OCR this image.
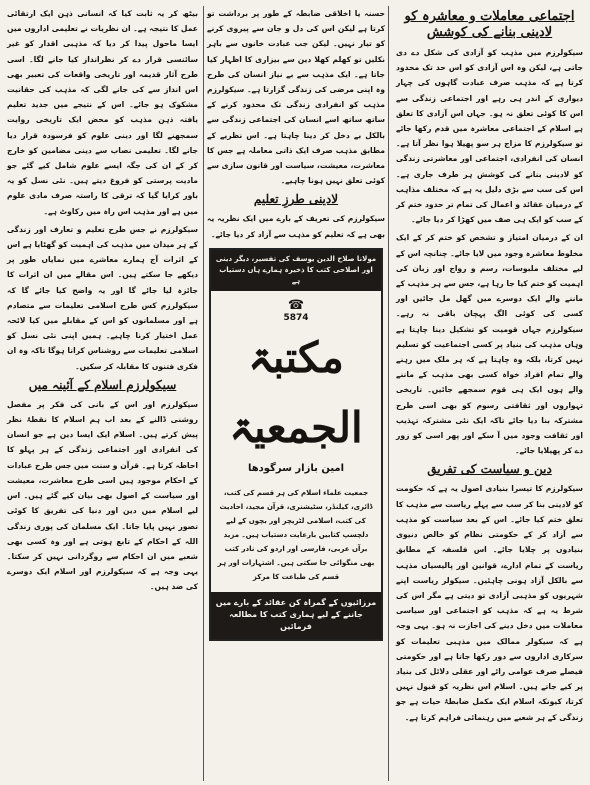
اجتماعی معاملات و معاشرہ کو لادینی بنانے کی کوشش

سیکولرزم میں مذہب کو آزادی کی شکل دے دی جاتی ہے، لیکن وہ اس آزادی کو اس حد تک محدود کرتا ہے کہ مذہب صرف عبادت گاہوں کی چہار دیواری کے اندر ہی رہے اور اجتماعی زندگی سے اس کا کوئی تعلق نہ ہو۔ جہاں اس آزادی کا تعلق ہے اسلام کے اجتماعی معاشرہ میں قدم رکھا جائے تو سیکولرزم کا مزاج ہر سو پھیلا ہوا نظر آتا ہے۔ انسان کی انفرادی، اجتماعی اور معاشرتی زندگی کو لادینی بنانے کی کوشش ہر طرف جاری ہے۔ اس کی سب سے بڑی دلیل یہ ہے کہ مختلف مذاہب کے درمیان عقائد و اعمال کی تمام تر حدود ختم کر کے سب کو ایک ہی صف میں کھڑا کر دیا جائے۔

ان کے درمیان امتیاز و تشخص کو ختم کر کے ایک مخلوط معاشرہ وجود میں لایا جائے۔ چنانچہ اس کے لیے مختلف ملبوسات، رسم و رواج اور زبان کی اہمیت کو ختم کیا جا رہا ہے، جس سے ہر مذہب کے ماننے والے ایک دوسرے میں گھل مل جائیں اور کسی کی کوئی الگ پہچان باقی نہ رہے۔ سیکولرزم جہاں قومیت کو تشکیل دینا چاہتا ہے وہاں مذہب کی بنیاد پر کسی اجتماعیت کو تسلیم نہیں کرتا، بلکہ وہ چاہتا ہے کہ ہر ملک میں رہنے والے تمام افراد خواہ کسی بھی مذہب کے ماننے والے ہوں ایک ہی قوم سمجھے جائیں۔ تاریخی تہواروں اور ثقافتی رسوم کو بھی اسی طرح مشترکہ بنا دیا جائے تاکہ ایک نئی مشترکہ تہذیب اور ثقافت وجود میں آ سکے اور پھر اسی کو زور دے کر پھیلایا جائے۔

دین و سیاست کی تفریق

سیکولرزم کا تیسرا بنیادی اصول یہ ہے کہ حکومت کو لادینی بنا کر سب سے پہلے ریاست سے مذہب کا تعلق ختم کیا جائے۔ اس کے بعد سیاست کو مذہب سے آزاد کر کے حکومتی نظام کو خالص دنیوی بنیادوں پر چلایا جائے۔ اس فلسفہ کے مطابق ریاست کے تمام ادارے، قوانین اور پالیسیاں مذہب سے بالکل آزاد ہونی چاہئیں۔ سیکولر ریاست اپنے شہریوں کو مذہبی آزادی تو دیتی ہے مگر اس کی شرط یہ ہے کہ مذہب کو اجتماعی اور سیاسی معاملات میں دخل دینے کی اجازت نہ ہو۔ یہی وجہ ہے کہ سیکولر ممالک میں مذہبی تعلیمات کو سرکاری اداروں سے دور رکھا جاتا ہے اور حکومتی فیصلے صرف عوامی رائے اور عقلی دلائل کی بنیاد پر کیے جاتے ہیں۔ اسلام اس نظریہ کو قبول نہیں کرتا، کیونکہ اسلام ایک مکمل ضابطۂ حیات ہے جو زندگی کے ہر شعبے میں رہنمائی فراہم کرتا ہے۔

حسنہ یا اخلاقی ضابطہ کے طور پر برداشت تو کرتا ہے لیکن اس کی دل و جان سے پیروی کرنے کو تیار نہیں۔ لیکن جب عبادت خانوں سے باہر نکلیں تو کھلم کھلا دین سے بیزاری کا اظہار کیا جاتا ہے۔ ایک مذہب سے بے نیاز انسان کی طرح وہ اپنی مرضی کی زندگی گزارتا ہے۔ سیکولرزم مذہب کو انفرادی زندگی تک محدود کرنے کے ساتھ ساتھ اسے انسان کی اجتماعی زندگی سے بالکل بے دخل کر دینا چاہتا ہے۔ اس نظریے کے مطابق مذہب صرف ایک ذاتی معاملہ ہے جس کا معاشرت، معیشت، سیاست اور قانون سازی سے کوئی تعلق نہیں ہونا چاہیے۔

لادینی طرزِ تعلیم

سیکولرزم کی تعریف کے بارے میں ایک نظریہ یہ بھی ہے کہ تعلیم کو مذہب سے آزاد کر دیا جائے۔

مولانا صلاح الدین یوسف کی تفسیر، دیگر دینی اور اصلاحی کتب کا ذخیرہ ہمارے ہاں دستیاب ہے
☎
5874
مکتبۃ الجمعیۃ
امین بازار سرگودھا
جمعیت علماء اسلام کی ہر قسم کی کتب، ڈائری، کیلنڈر، سٹیشنری، قرآن مجید، احادیث کی کتب، اسلامی لٹریچر اور بچوں کے لیے دلچسپ کتابیں بارعایت دستیاب ہیں۔ مزید برآں عربی، فارسی اور اردو کی نادر کتب بھی منگوائی جا سکتی ہیں۔ اشتہارات اور ہر قسم کی طباعت کا مرکز
مرزائیوں کے گمراہ کن عقائد کے بارے میں جاننے کے لیے ہماری کتب کا مطالعہ فرمائیں

بیٹھ کر یہ ثابت کیا کہ انسانی ذہن ایک ارتقائی عمل کا نتیجہ ہے۔ ان نظریات نے تعلیمی اداروں میں ایسا ماحول پیدا کر دیا کہ مذہبی اقدار کو غیر سائنسی قرار دے کر نظرانداز کیا جانے لگا۔ اسی طرح آثار قدیمہ اور تاریخی واقعات کی تعبیر بھی اس انداز سے کی جانے لگی کہ مذہب کی حقانیت مشکوک ہو جائے۔ اس کے نتیجے میں جدید تعلیم یافتہ ذہن مذہب کو محض ایک تاریخی روایت سمجھنے لگا اور دینی علوم کو فرسودہ قرار دیا جانے لگا۔ تعلیمی نصاب سے دینی مضامین کو خارج کر کے ان کی جگہ ایسے علوم شامل کیے گئے جو مادیت پرستی کو فروغ دیتے ہیں۔ نئی نسل کو یہ باور کرایا گیا کہ ترقی کا راستہ صرف مادی علوم میں ہے اور مذہب اس راہ میں رکاوٹ ہے۔

سیکولرزم نے جس طرح تعلیم و تعارف اور زندگی کے ہر میدان میں مذہب کی اہمیت کو گھٹایا ہے اس کے اثرات آج ہمارے معاشرے میں نمایاں طور پر دیکھے جا سکتے ہیں۔ اس مقالے میں ان اثرات کا جائزہ لیا جائے گا اور یہ واضح کیا جائے گا کہ سیکولرزم کس طرح اسلامی تعلیمات سے متصادم ہے اور مسلمانوں کو اس کے مقابلے میں کیا لائحہ عمل اختیار کرنا چاہیے۔ ہمیں اپنی نئی نسل کو اسلامی تعلیمات سے روشناس کرانا ہوگا تاکہ وہ ان فکری فتنوں کا مقابلہ کر سکیں۔

سیکولرزم اسلام کے آئینہ میں

سیکولرزم اور اس کے بانی کی فکر پر مفصل روشنی ڈالنے کے بعد اب ہم اسلام کا نقطۂ نظر پیش کرتے ہیں۔ اسلام ایک ایسا دین ہے جو انسان کی انفرادی اور اجتماعی زندگی کے ہر پہلو کا احاطہ کرتا ہے۔ قرآن و سنت میں جس طرح عبادات کے احکام موجود ہیں اسی طرح معاشرت، معیشت اور سیاست کے اصول بھی بیان کیے گئے ہیں۔ اس لیے اسلام میں دین اور دنیا کی تفریق کا کوئی تصور نہیں پایا جاتا۔ ایک مسلمان کی پوری زندگی اللہ کے احکام کے تابع ہوتی ہے اور وہ کسی بھی شعبے میں ان احکام سے روگردانی نہیں کر سکتا۔ یہی وجہ ہے کہ سیکولرزم اور اسلام ایک دوسرے کی ضد ہیں۔
